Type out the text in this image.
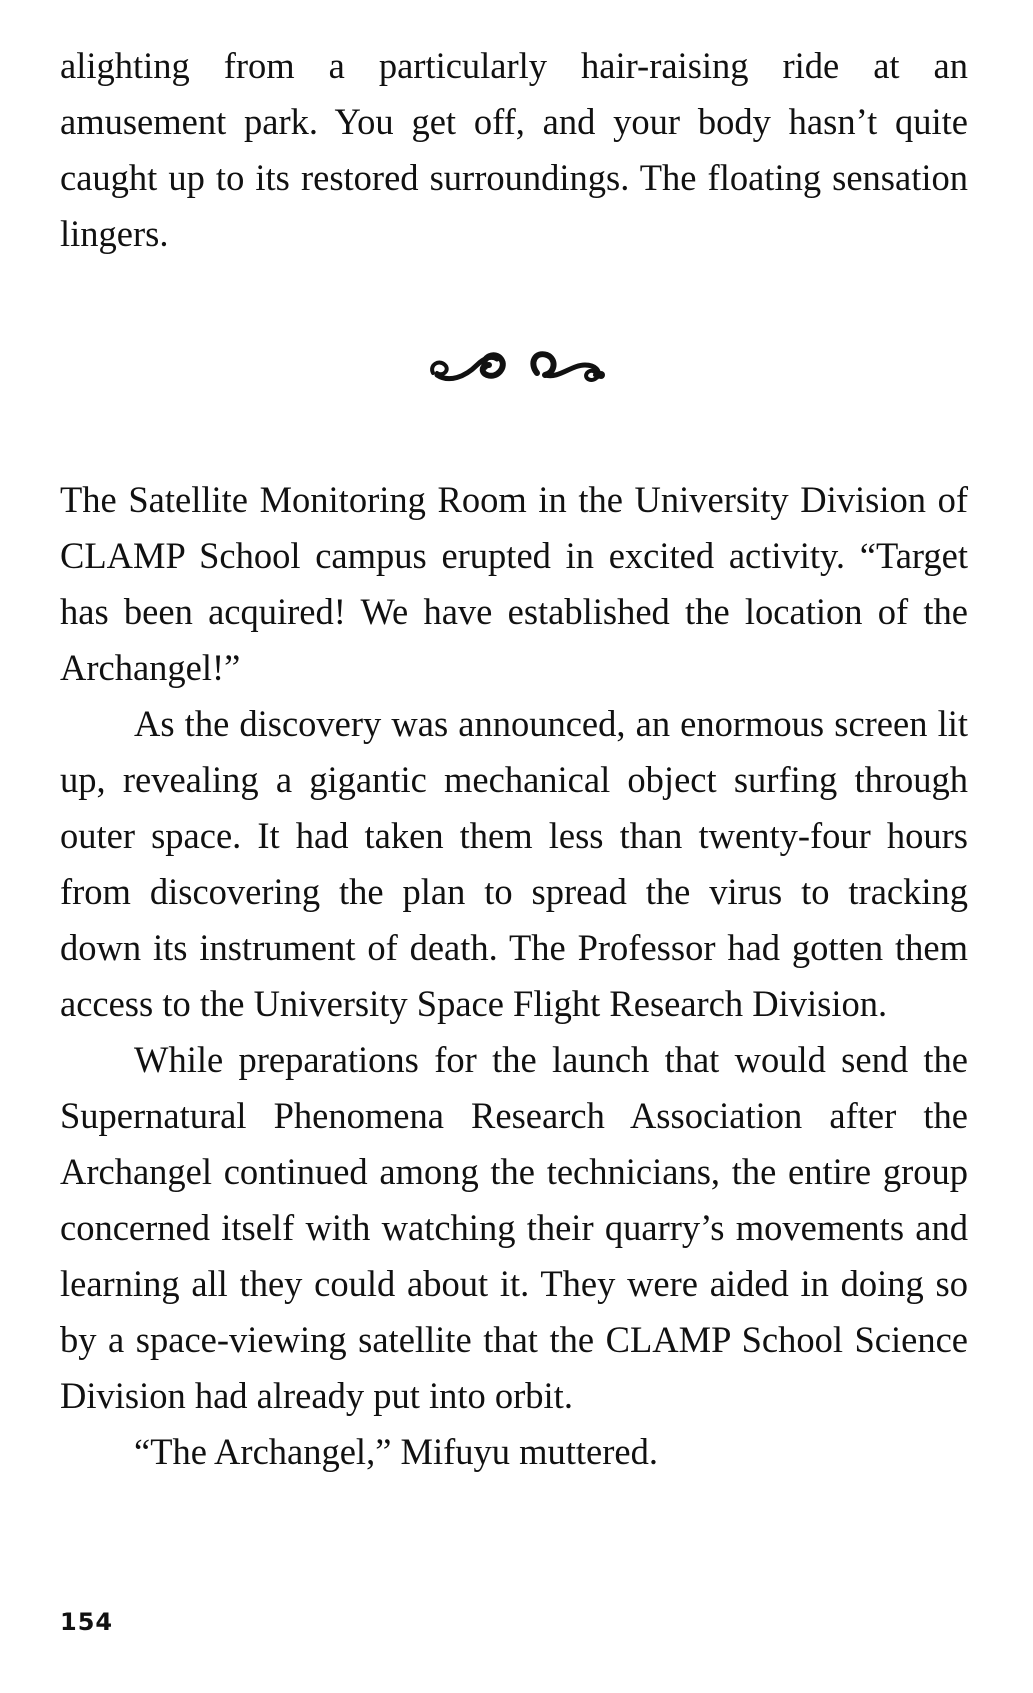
alighting from a particularly hair-raising ride at an amusement park. You get off, and your body hasn’t quite caught up to its restored surroundings. The floating sensation lingers.

The Satellite Monitoring Room in the University Division of CLAMP School campus erupted in excited activity. “Target has been acquired! We have established the location of the Archangel!”

As the discovery was announced, an enormous screen lit up, revealing a gigantic mechanical object surfing through outer space. It had taken them less than twenty-four hours from discovering the plan to spread the virus to tracking down its instrument of death. The Professor had gotten them access to the University Space Flight Research Division.

While preparations for the launch that would send the Supernatural Phenomena Research Association after the Archangel continued among the technicians, the entire group concerned itself with watching their quarry’s movements and learning all they could about it. They were aided in doing so by a space-viewing satellite that the CLAMP School Science Division had already put into orbit.

“The Archangel,” Mifuyu muttered.

154
